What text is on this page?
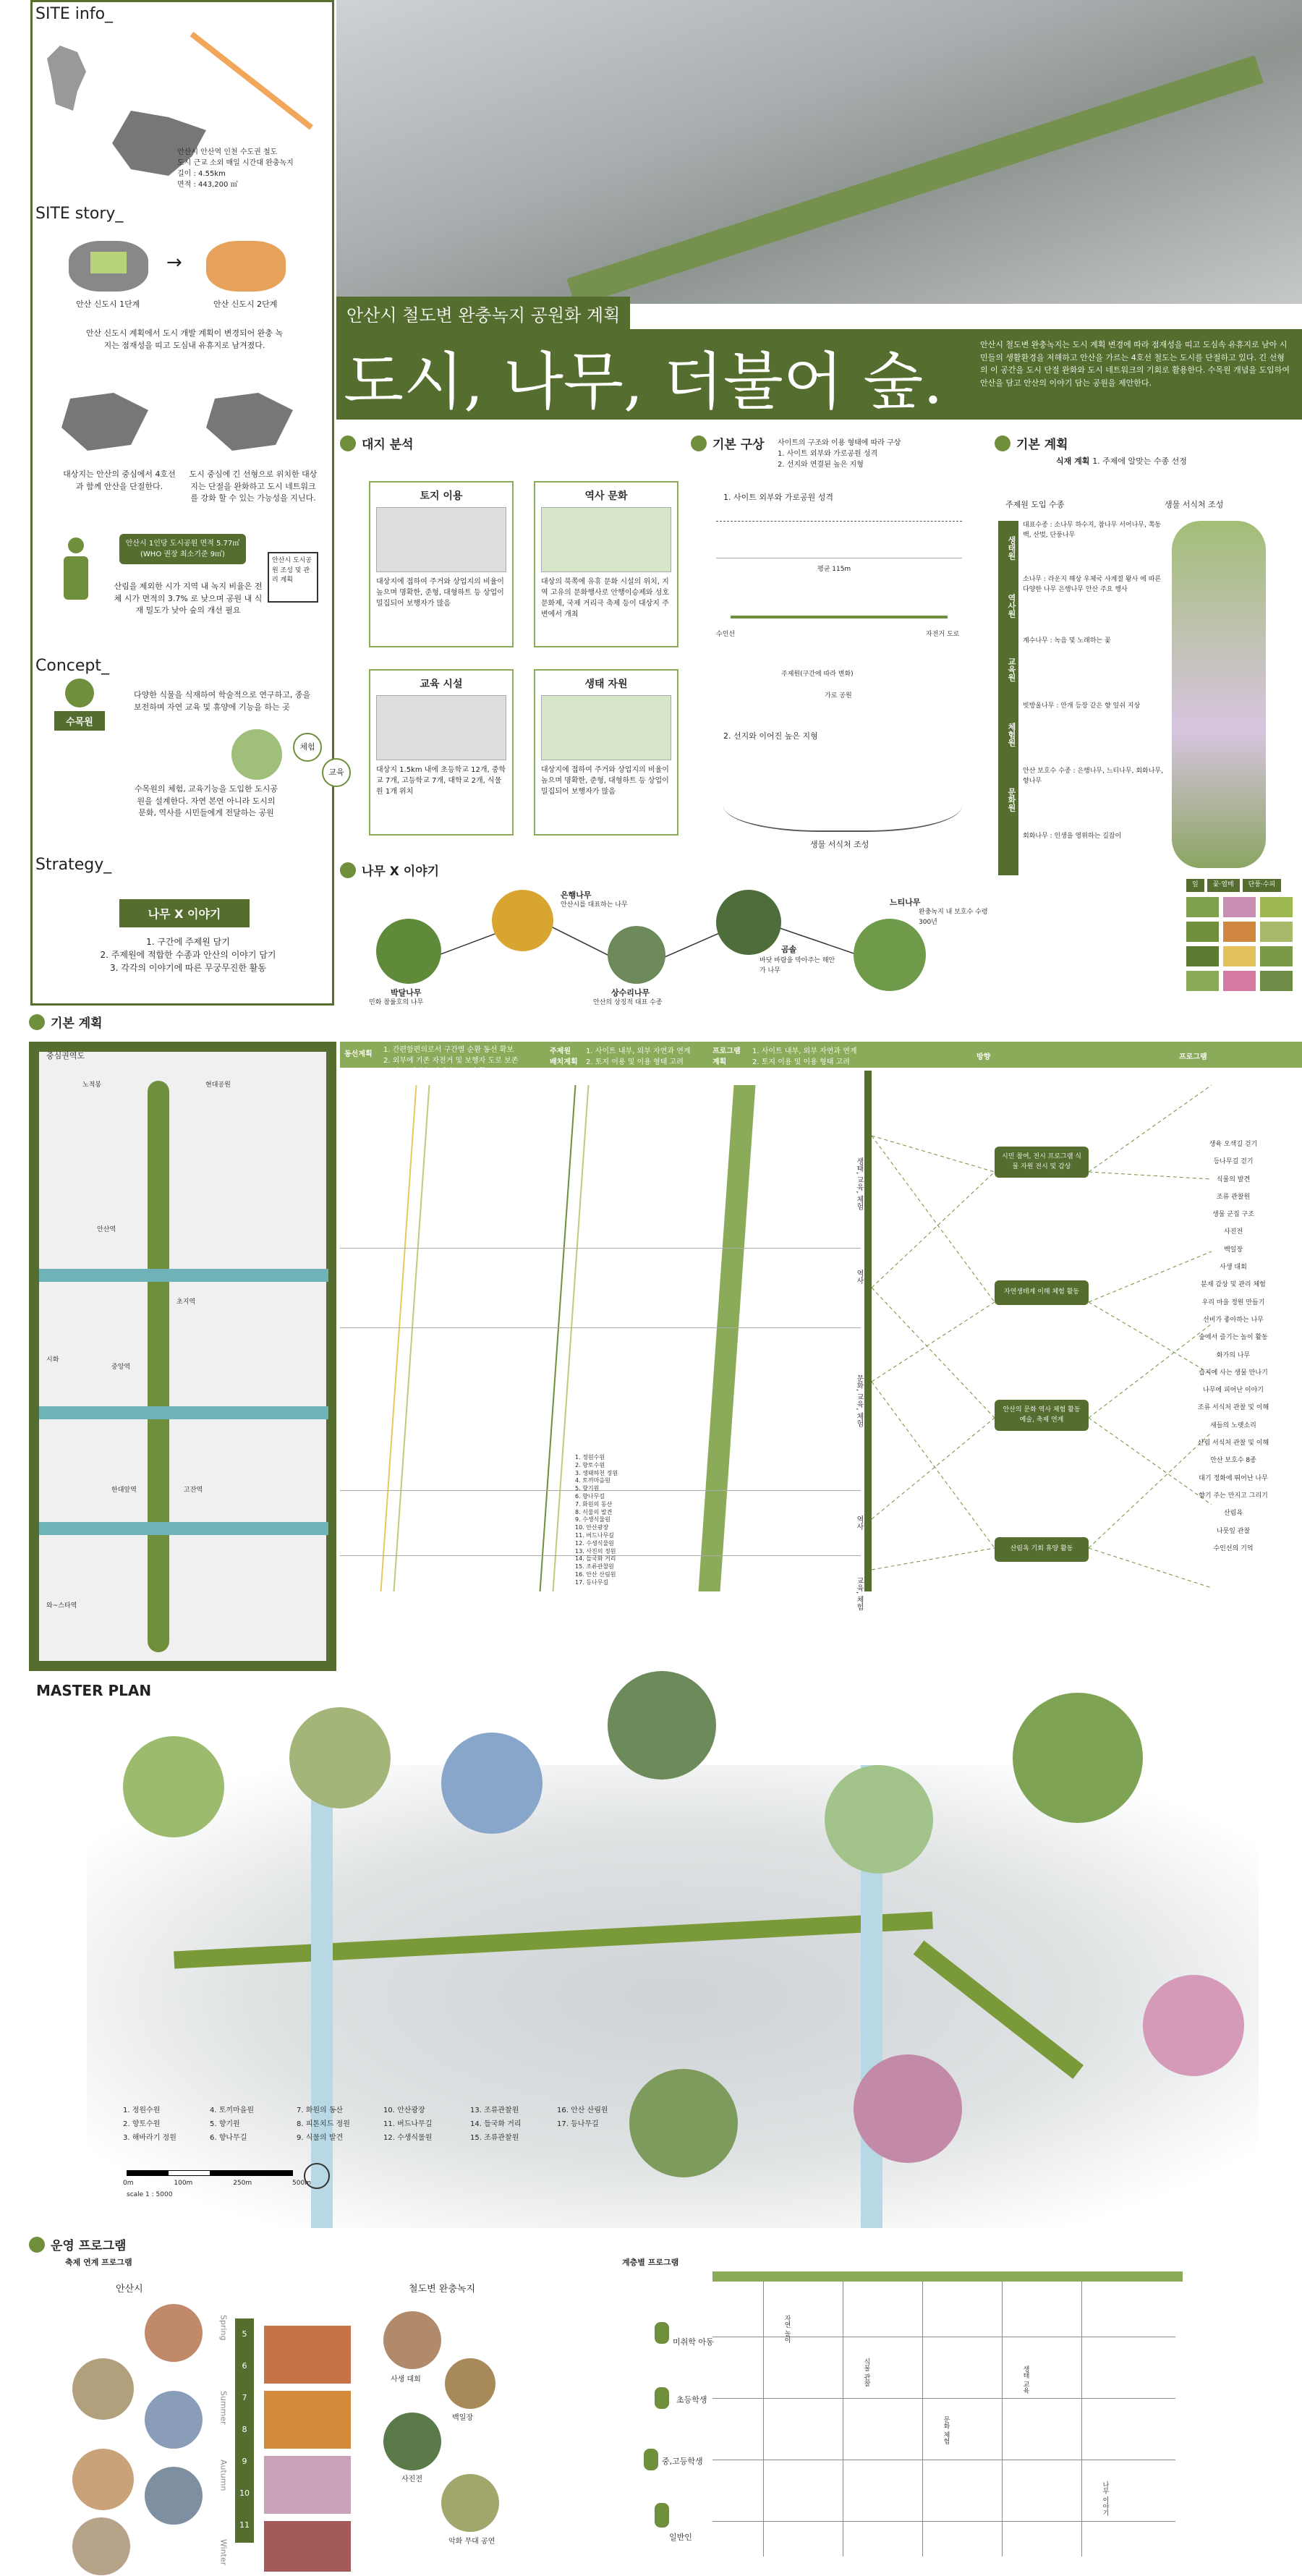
SITE info_
안산시 안산역 인천 수도권 철도
도시 근교 소외 매일 시간대 완충녹지
길이 : 4.55km
면적 : 443,200 ㎡
SITE story_
→
안산 신도시 1단계	안산 신도시 2단계
안산 신도시 계획에서 도시 개발 계획이 변경되어 완충 녹지는 점재성을 띠고 도심내 유휴지로 남겨졌다.
대상지는 안산의 중심에서 4호선과 함께 안산을 단절한다.
도시 중심에 긴 선형으로 위치한 대상지는 단절을 완화하고 도시 네트워크를 강화 할 수 있는 가능성을 지닌다.
안산시 1인당 도시공원 면적 5.77㎡ (WHO 권장 최소기준 9㎡)
안산시 도시공원 조성 및 관리 계획
산림을 제외한 시가 지역 내 녹지 비율은 전체 시가 면적의 3.7% 로 낮으며 공원 내 식재 밀도가 낮아 숲의 개선 필요
Concept_
수목원
다양한 식물을 식재하여 학술적으로 연구하고, 종을 보전하며 자연 교육 및 휴양에 기능을 하는 곳
체험
교육
수목원의 체험, 교육기능을 도입한 도시공원을 설계한다. 자연 본연 아니라 도시의 문화, 역사를 시민들에게 전달하는 공원
Strategy_
나무 X 이야기
1. 구간에 주제원 담기
2. 주제원에 적합한 수종과 안산의 이야기 담기
3. 각각의 이야기에 따른 무궁무진한 활동
안산시 철도변 완충녹지 공원화 계획
도시, 나무, 더불어 숲.
안산시 철도변 완충녹지는 도시 계획 변경에 따라 점재성을 띠고 도심속 유휴지로 남아 시민들의 생활환경을 저해하고 안산을 가르는 4호선 철도는 도시를 단절하고 있다. 긴 선형의 이 공간을 도시 단절 완화와 도시 네트워크의 기회로 활용한다. 수목원 개념을 도입하여 안산을 담고 안산의 이야기 담는 공원을 제안한다.
대지 분석
토지 이용
대상지에 접하여 주거와 상업지의 비율이 높으며 명확한, 준형, 대형하트 등 상업이 밀집되어 보행자가 많음
역사 문화
대상의 북쪽에 유휴 문화 시설의 위치, 지역 고유의 문화행사로 안행이승제와 성호문화제, 국제 거리극 축제 등이 대상지 주변에서 개최
교육 시설
대상지 1.5km 내에 초등학교 12개, 중학교 7개, 고등학교 7개, 대학교 2개, 식물원 1개 위치
생태 자원
대상지에 접하여 주거와 상업지의 비율이 높으며 명확한, 준형, 대형하트 등 상업이 밀집되어 보행자가 많음
기본 구상 사이트의 구조와 이용 형태에 따라 구상
1. 사이트 외부와 가로공원 성격
2. 선지와 연결된 높은 지형
1. 사이트 외부와 가로공원 성격
평균 115m
수인선	자전거 도로
주제원(구간에 따라 변화)
가로 공원
2. 선지와 이어진 높은 지형
생물 서식처 조성
기본 계획
식재 계획 1. 주제에 알맞는 수종 선정
주제원 도입 수종	생물 서식처 조성
생태원
대표수종 : 소나무 하수지, 참나무 서어나무, 쪽동백, 산벚, 단풍나무
역사원
소나무 : 라운지 해상 우체국 사계절 왕사 에 따른 다양한 나무 은행나무 안산 주요 행사
교육원
계수나무 : 녹음 및 노래하는 꽃
체험원
빗방울나무 : 안개 등장 같은 향 잎쉬 지상
문화원
안산 보호수 수종 : 은행나무, 느티나무, 회화나무, 향나무
회화나무 : 인생을 영위하는 길잡이
잎	꽃·열매	단풍·수피
나무 X 이야기
박달나무
민화 참률호의 나무
은행나무
안산시를 대표하는 나무
상수리나무
안산의 상징적 대표 수종
곰솔
바닷 바람을 막아주는 해안가 나무
느티나무
완충녹지 내 보호수 수령 300년
기본 계획
중심권역도
노적봉	현대공원
안산역
초지역
고잔역
중앙역
한대앞역
와~스타역
시화
동선계획
1. 간편함편의로서 구간별 순환 동선 확보
2. 외부에 기존 자전거 및 보행자 도로 보존
3. 각 주제원을 연계하는 동선 확보
주제원 배치계획
1. 사이트 내부, 외부 자연과 연계
2. 토지 이용 및 이용 형태 고려
프로그램 계획
1. 사이트 내부, 외부 자연과 연계
2. 토지 이용 및 이용 형태 고려
방향	프로그램
1. 정원수원
2. 향토수원
3. 생태하천 정원
4. 토끼마을원
5. 향기원
6. 향나무길
7. 화원의 동산
8. 식물의 발견
9. 수생식물원
10. 안산광장
11. 버드나무길
12. 수생식물원
13. 사진의 정원
14. 들국화 거리
15. 조류관찰원
16. 안산 산림원
17. 등나무길
생태, 교육, 체험
역사
문화, 교육, 체험
역사
교육, 체험
시민 참여, 전시 프로그램 식물 자원 전시 및 감상
자연생태계 이해 체험 활동
안산의 문화 역사 체험 활동 예술, 축제 연계
산림욕 기회 휴양 활동
생육 오색길 걷기
등나무길 걷기
식물의 발견
조류 관찰원
생물 군집 구조
사진전
백일장
사생 대회
분재 감상 및 관리 체험
우리 마을 정원 만들기
선비가 좋아하는 나무
숲에서 즐기는 놀이 활동
화가의 나무
습지에 사는 생물 만나기
나무에 피어난 이야기
조류 서식처 관찰 및 이해
새들의 노랫소리
산림 서식처 관찰 및 이해
안산 보호수 8종
대기 정화에 뛰어난 나무
향기 주는 만지고 그리기
산림욕
나뭇잎 관찰
수인선의 기억
MASTER PLAN
1. 정원수원	4. 토끼마을원	7. 화원의 동산	10. 안산광장	13. 조류관찰원	16. 안산 산림원
2. 향토수원	5. 향기원	8. 피톤치드 정원	11. 버드나무길	14. 들국화 거리	17. 등나무길
3. 해바라기 정원	6. 향나무길	9. 식물의 발견	12. 수생식물원	15. 조류관찰원
0m	100m	250m	500m
scale 1 : 5000
운영 프로그램
축제 연계 프로그램
안산시	철도변 완충녹지
5
6
7
8
9
10
11
Spring
Summer
Autumn
Winter
사생 대회
백일장
사진전
악화 무대 공연
계층별 프로그램
자연 놀이
식물 관찰
문화 체험
생태 교육
나무 이야기
미취학 아동
초등학생
중,고등학생
일반인
